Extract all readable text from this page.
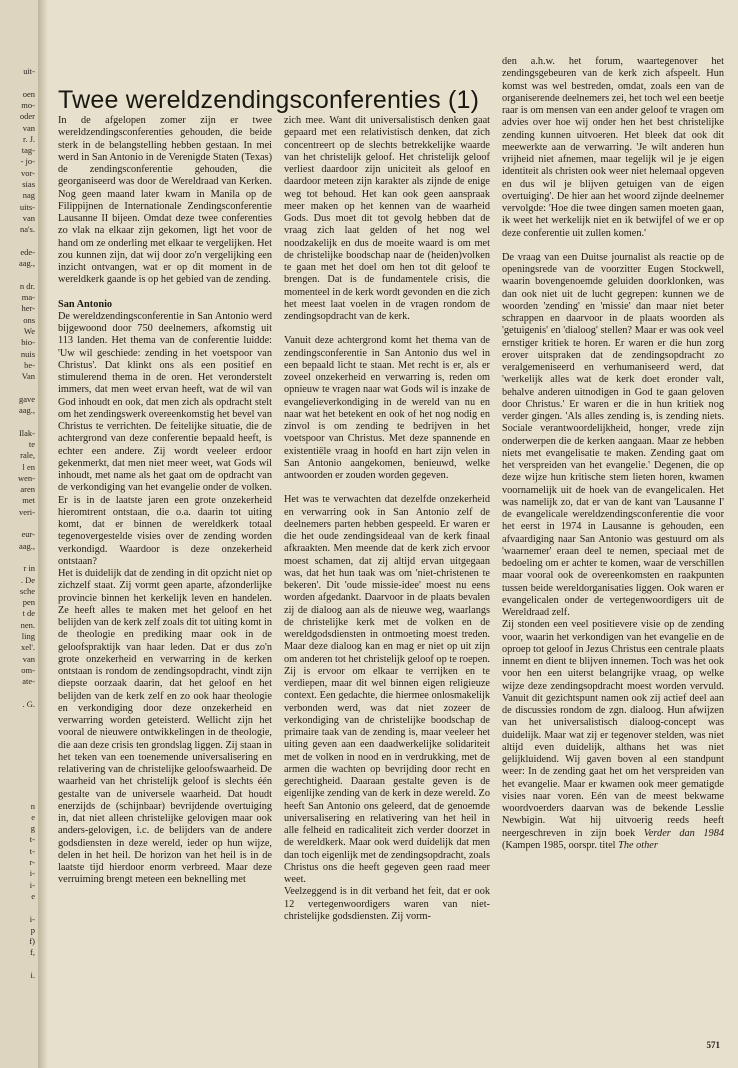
uit-
oen
mo-
oder
van
r. J.
tag-
- jo-
vor-
sias
nag
uits-
van
na's.
ede-
aag.,
n dr.
ma-
her-
ons
We
bio-
nuis
be-
Van
gave
aag.,
Ilak-
te
rale,
l en
wen-
aren
met
veri-
eur-
aag.,
r in
. De
sche
pen
t de
nen.
ling
xel'.
van
om-
ate-
. G.
n
e
g
t-
t-
r-
i-
i-
e
i-
p
f)
f,
i.
Twee wereldzendingsconferenties (1)

In de afgelopen zomer zijn er twee wereldzendingsconferenties gehouden, die beide sterk in de belangstelling hebben gestaan. In mei werd in San Antonio in de Verenigde Staten (Texas) de zendingsconferentie gehouden, die georganiseerd was door de Wereldraad van Kerken. Nog geen maand later kwam in Manila op de Filippijnen de Internationale Zendingsconferentie Lausanne II bijeen. Omdat deze twee conferenties zo vlak na elkaar zijn gekomen, ligt het voor de hand om ze onderling met elkaar te vergelijken. Het zou kunnen zijn, dat wij door zo'n vergelijking een inzicht ontvangen, wat er op dit moment in de wereldkerk gaande is op het gebied van de zending.

San Antonio

De wereldzendingsconferentie in San Antonio werd bijgewoond door 750 deelnemers, afkomstig uit 113 landen. Het thema van de conferentie luidde: 'Uw wil geschiede: zending in het voetspoor van Christus'. Dat klinkt ons als een positief en stimulerend thema in de oren. Het veronderstelt immers, dat men weet ervan heeft, wat de wil van God inhoudt en ook, dat men zich als opdracht stelt om het zendingswerk overeenkomstig het bevel van Christus te verrichten. De feitelijke situatie, die de achtergrond van deze conferentie bepaald heeft, is echter een andere. Zij wordt veeleer erdoor gekenmerkt, dat men niet meer weet, wat Gods wil inhoudt, met name als het gaat om de opdracht van de verkondiging van het evangelie onder de volken. Er is in de laatste jaren een grote onzekerheid hieromtrent ontstaan, die o.a. daarin tot uiting komt, dat er binnen de wereldkerk totaal tegenovergestelde visies over de zending worden verkondigd. Waardoor is deze onzekerheid ontstaan?

Het is duidelijk dat de zending in dit opzicht niet op zichzelf staat. Zij vormt geen aparte, afzonderlijke provincie binnen het kerkelijk leven en handelen. Ze heeft alles te maken met het geloof en het belijden van de kerk zelf zoals dit tot uiting komt in de theologie en prediking maar ook in de geloofspraktijk van haar leden. Dat er dus zo'n grote onzekerheid en verwarring in de kerken ontstaan is rondom de zendingsopdracht, vindt zijn diepste oorzaak daarin, dat het geloof en het belijden van de kerk zelf en zo ook haar theologie en verkondiging door deze onzekerheid en verwarring worden geteisterd. Wellicht zijn het vooral de nieuwere ontwikkelingen in de theologie, die aan deze crisis ten grondslag liggen. Zij staan in het teken van een toenemende universalisering en relativering van de christelijke geloofswaarheid. De waarheid van het christelijk geloof is slechts één gestalte van de universele waarheid. Dat houdt enerzijds de (schijnbaar) bevrijdende overtuiging in, dat niet alleen christelijke gelovigen maar ook anders-gelovigen, i.c. de belijders van de andere godsdiensten in deze wereld, ieder op hun wijze, delen in het heil. De horizon van het heil is in de laatste tijd hierdoor enorm verbreed. Maar deze verruiming brengt meteen een beknelling met

zich mee. Want dit universalistisch denken gaat gepaard met een relativistisch denken, dat zich concentreert op de slechts betrekkelijke waarde van het christelijk geloof. Het christelijk geloof verliest daardoor zijn uniciteit als geloof en daardoor meteen zijn karakter als zijnde de enige weg tot behoud. Het kan ook geen aanspraak meer maken op het kennen van de waarheid Gods. Dus moet dit tot gevolg hebben dat de vraag zich laat gelden of het nog wel noodzakelijk en dus de moeite waard is om met de christelijke boodschap naar de (heiden)volken te gaan met het doel om hen tot dit geloof te brengen. Dat is de fundamentele crisis, die momenteel in de kerk wordt gevonden en die zich het meest laat voelen in de vragen rondom de zendingsopdracht van de kerk.

Vanuit deze achtergrond komt het thema van de zendingsconferentie in San Antonio dus wel in een bepaald licht te staan. Met recht is er, als er zoveel onzekerheid en verwarring is, reden om opnieuw te vragen naar wat Gods wil is inzake de evangelieverkondiging in de wereld van nu en naar wat het betekent en ook of het nog nodig en zinvol is om zending te bedrijven in het voetspoor van Christus. Met deze spannende en existentiële vraag in hoofd en hart zijn velen in San Antonio aangekomen, benieuwd, welke antwoorden er zouden worden gegeven.

Het was te verwachten dat dezelfde onzekerheid en verwarring ook in San Antonio zelf de deelnemers parten hebben gespeeld. Er waren er die het oude zendingsideaal van de kerk finaal afkraakten. Men meende dat de kerk zich ervoor moest schamen, dat zij altijd ervan uitgegaan was, dat het hun taak was om 'niet-christenen te bekeren'. Dit 'oude missie-idee' moest nu eens worden afgedankt. Daarvoor in de plaats bevalen zij de dialoog aan als de nieuwe weg, waarlangs de christelijke kerk met de volken en de wereldgodsdiensten in ontmoeting moest treden. Maar deze dialoog kan en mag er niet op uit zijn om anderen tot het christelijk geloof op te roepen. Zij is ervoor om elkaar te verrijken en te verdiepen, maar dit wel binnen eigen religieuze context. Een gedachte, die hiermee onlosmakelijk verbonden werd, was dat niet zozeer de verkondiging van de christelijke boodschap de primaire taak van de zending is, maar veeleer het uiting geven aan een daadwerkelijke solidariteit met de volken in nood en in verdrukking, met de armen die wachten op bevrijding door recht en gerechtigheid. Daaraan gestalte geven is de eigenlijke zending van de kerk in deze wereld. Zo heeft San Antonio ons geleerd, dat de genoemde universalisering en relativering van het heil in alle felheid en radicaliteit zich verder doorzet in de wereldkerk. Maar ook werd duidelijk dat men dan toch eigenlijk met de zendingsopdracht, zoals Christus ons die heeft gegeven geen raad meer weet.

Veelzeggend is in dit verband het feit, dat er ook 12 vertegenwoordigers waren van niet-christelijke godsdiensten. Zij vorm-

den a.h.w. het forum, waartegenover het zendingsgebeuren van de kerk zich afspeelt. Hun komst was wel bestreden, omdat, zoals een van de organiserende deelnemers zei, het toch wel een beetje raar is om mensen van een ander geloof te vragen om advies over hoe wij onder hen het best christelijke zending kunnen uitvoeren. Het bleek dat ook dit meewerkte aan de verwarring. 'Je wilt anderen hun vrijheid niet afnemen, maar tegelijk wil je je eigen identiteit als christen ook weer niet helemaal opgeven en dus wil je blijven getuigen van de eigen overtuiging'. De hier aan het woord zijnde deelnemer vervolgde: 'Hoe die twee dingen samen moeten gaan, ik weet het werkelijk niet en ik betwijfel of we er op deze conferentie uit zullen komen.'

De vraag van een Duitse journalist als reactie op de openingsrede van de voorzitter Eugen Stockwell, waarin bovengenoemde geluiden doorklonken, was dan ook niet uit de lucht gegrepen: kunnen we de woorden 'zending' en 'missie' dan maar niet beter schrappen en daarvoor in de plaats woorden als 'getuigenis' en 'dialoog' stellen? Maar er was ook veel ernstiger kritiek te horen. Er waren er die hun zorg erover uitspraken dat de zendingsopdracht zo veralgemeniseerd en verhumaniseerd werd, dat 'werkelijk alles wat de kerk doet eronder valt, behalve anderen uitnodigen in God te gaan geloven door Christus.' Er waren er die in hun kritiek nog verder gingen. 'Als alles zending is, is zending niets. Sociale verantwoordelijkheid, honger, vrede zijn onderwerpen die de kerken aangaan. Maar ze hebben niets met evangelisatie te maken. Zending gaat om het verspreiden van het evangelie.' Degenen, die op deze wijze hun kritische stem lieten horen, kwamen voornamelijk uit de hoek van de evangelicalen. Het was namelijk zo, dat er van de kant van 'Lausanne I' de evangelicale wereldzendingsconferentie die voor het eerst in 1974 in Lausanne is gehouden, een afvaardiging naar San Antonio was gestuurd om als 'waarnemer' eraan deel te nemen, speciaal met de bedoeling om er achter te komen, waar de verschillen maar vooral ook de overeenkomsten en raakpunten tussen beide wereldorganisaties liggen. Ook waren er evangelicalen onder de vertegenwoordigers uit de Wereldraad zelf.

Zij stonden een veel positievere visie op de zending voor, waarin het verkondigen van het evangelie en de oproep tot geloof in Jezus Christus een centrale plaats innemt en dient te blijven innemen. Toch was het ook voor hen een uiterst belangrijke vraag, op welke wijze deze zendingsopdracht moest worden vervuld. Vanuit dit gezichtspunt namen ook zij actief deel aan de discussies rondom de zgn. dialoog. Hun afwijzen van het universalistisch dialoog-concept was duidelijk. Maar wat zij er tegenover stelden, was niet altijd even duidelijk, althans het was niet gelijkluidend. Wij gaven boven al een standpunt weer: In de zending gaat het om het verspreiden van het evangelie. Maar er kwamen ook meer gematigde visies naar voren. Eén van de meest bekwame woordvoerders daarvan was de bekende Lesslie Newbigin. Wat hij uitvoerig reeds heeft neergeschreven in zijn boek Verder dan 1984 (Kampen 1985, oorspr. titel The other

571
